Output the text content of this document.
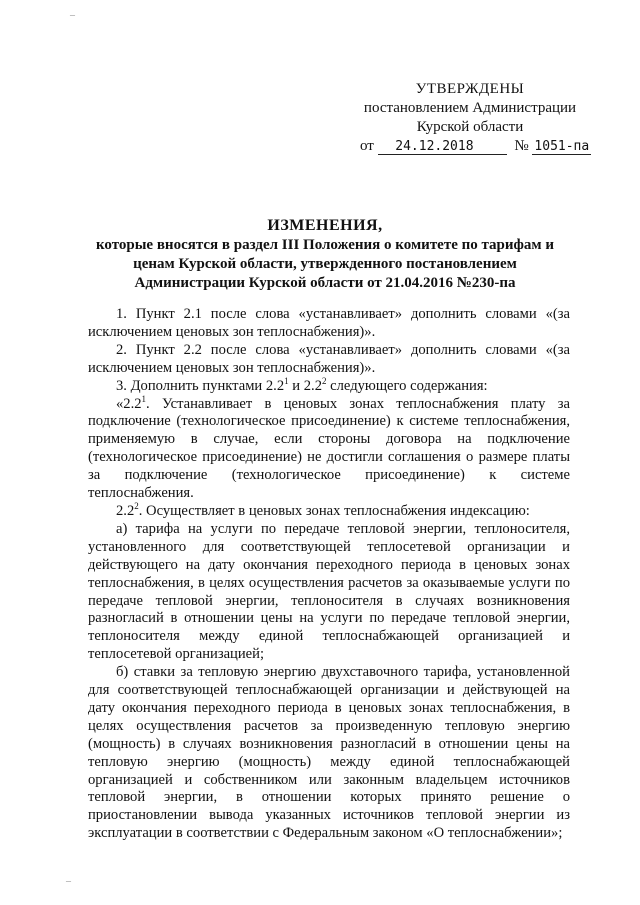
–
УТВЕРЖДЕНЫ
постановлением Администрации
Курской области
от 24.12.2018	№ 1051-па
ИЗМЕНЕНИЯ,
которые вносятся в раздел III Положения о комитете по тарифам и
ценам Курской области, утвержденного постановлением
Администрации Курской области от 21.04.2016 №230-па

1. Пункт 2.1 после слова «устанавливает» дополнить словами «(за исключением ценовых зон теплоснабжения)».

2. Пункт 2.2 после слова «устанавливает» дополнить словами «(за исключением ценовых зон теплоснабжения)».

3. Дополнить пунктами $2.2^1$ и $2.2^2$ следующего содержания:

«$2.2^1$. Устанавливает в ценовых зонах теплоснабжения плату за подключение (технологическое присоединение) к системе теплоснабжения, применяемую в случае, если стороны договора на подключение (технологическое присоединение) не достигли соглашения о размере платы за подключение (технологическое присоединение) к системе теплоснабжения.

$2.2^2$. Осуществляет в ценовых зонах теплоснабжения индексацию:

а) тарифа на услуги по передаче тепловой энергии, теплоносителя, установленного для соответствующей теплосетевой организации и действующего на дату окончания переходного периода в ценовых зонах теплоснабжения, в целях осуществления расчетов за оказываемые услуги по передаче тепловой энергии, теплоносителя в случаях возникновения разногласий в отношении цены на услуги по передаче тепловой энергии, теплоносителя между единой теплоснабжающей организацией и теплосетевой организацией;

б) ставки за тепловую энергию двухставочного тарифа, установленной для соответствующей теплоснабжающей организации и действующей на дату окончания переходного периода в ценовых зонах теплоснабжения, в целях осуществления расчетов за произведенную тепловую энергию (мощность) в случаях возникновения разногласий в отношении цены на тепловую энергию (мощность) между единой теплоснабжающей организацией и собственником или законным владельцем источников тепловой энергии, в отношении которых принято решение о приостановлении вывода указанных источников тепловой энергии из эксплуатации в соответствии с Федеральным законом «О теплоснабжении»;

–
